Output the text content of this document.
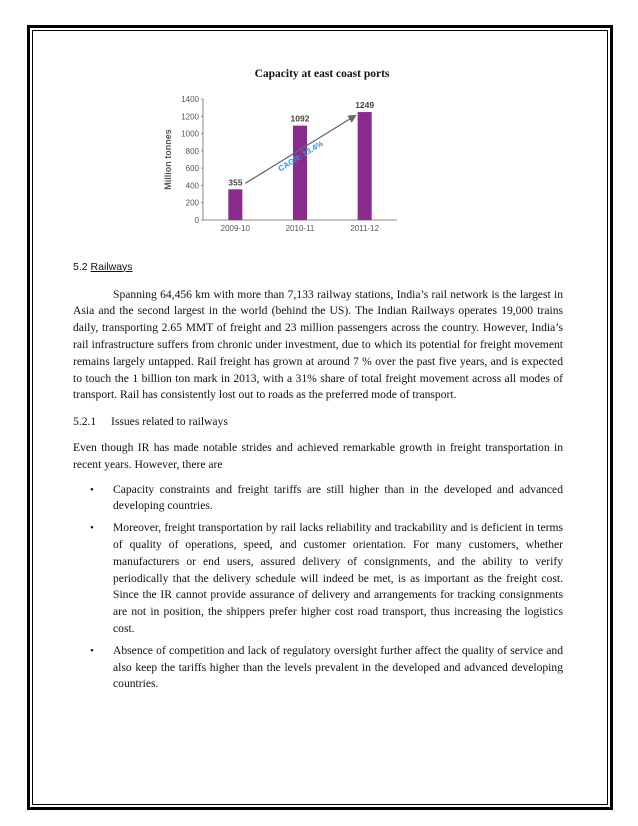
Capacity at east coast ports

Million tonnes
0
200
400
600
800
1000
1200
1400
2009-10	2010-11	2011-12
355
1092
1249
CAGR: 13.4%
5.2 Railways

Spanning 64,456 km with more than 7,133 railway stations, India’s rail network is the largest in Asia and the second largest in the world (behind the US). The Indian Railways operates 19,000 trains daily, transporting 2.65 MMT of freight and 23 million passengers across the country. However, India’s rail infrastructure suffers from chronic under investment, due to which its potential for freight movement remains largely untapped. Rail freight has grown at around 7 % over the past five years, and is expected to touch the 1 billion ton mark in 2013, with a 31% share of total freight movement across all modes of transport. Rail has consistently lost out to roads as the preferred mode of transport.

5.2.1 Issues related to railways

Even though IR has made notable strides and achieved remarkable growth in freight transportation in recent years. However, there are

• Capacity constraints and freight tariffs are still higher than in the developed and advanced developing countries.
• Moreover, freight transportation by rail lacks reliability and trackability and is deficient in terms of quality of operations, speed, and customer orientation. For many customers, whether manufacturers or end users, assured delivery of consignments, and the ability to verify periodically that the delivery schedule will indeed be met, is as important as the freight cost. Since the IR cannot provide assurance of delivery and arrangements for tracking consignments are not in position, the shippers prefer higher cost road transport, thus increasing the logistics cost.
• Absence of competition and lack of regulatory oversight further affect the quality of service and also keep the tariffs higher than the levels prevalent in the developed and advanced developing countries.
